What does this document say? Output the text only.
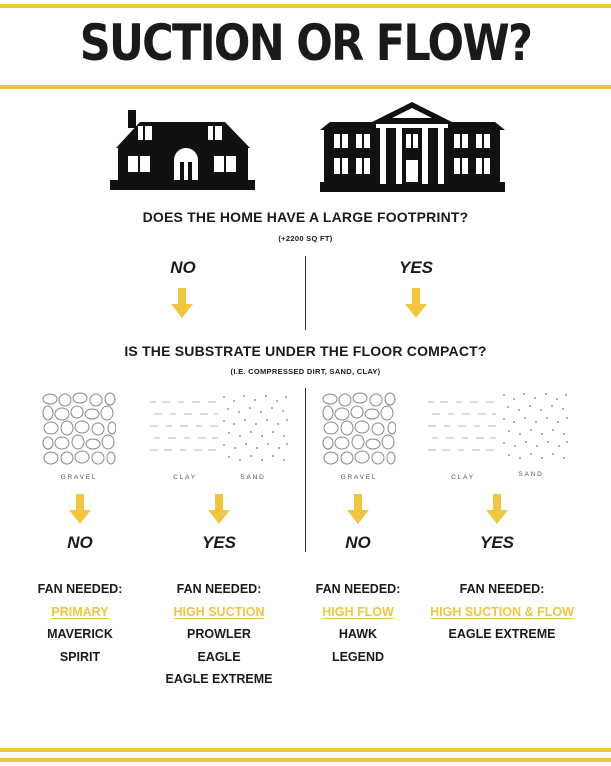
SUCTION OR FLOW?
DOES THE HOME HAVE A LARGE FOOTPRINT?
(+2200 SQ FT)
NO	YES
IS THE SUBSTRATE UNDER THE FLOOR COMPACT?
(I.E. COMPRESSED DIRT, SAND, CLAY)
GRAVEL	CLAY	SAND	GRAVEL	CLAY	SAND
NO	YES	NO	YES
FAN NEEDED:
PRIMARY
MAVERICK
SPIRIT
FAN NEEDED:
HIGH SUCTION
PROWLER
EAGLE
EAGLE EXTREME
FAN NEEDED:
HIGH FLOW
HAWK
LEGEND
FAN NEEDED:
HIGH SUCTION & FLOW
EAGLE EXTREME
